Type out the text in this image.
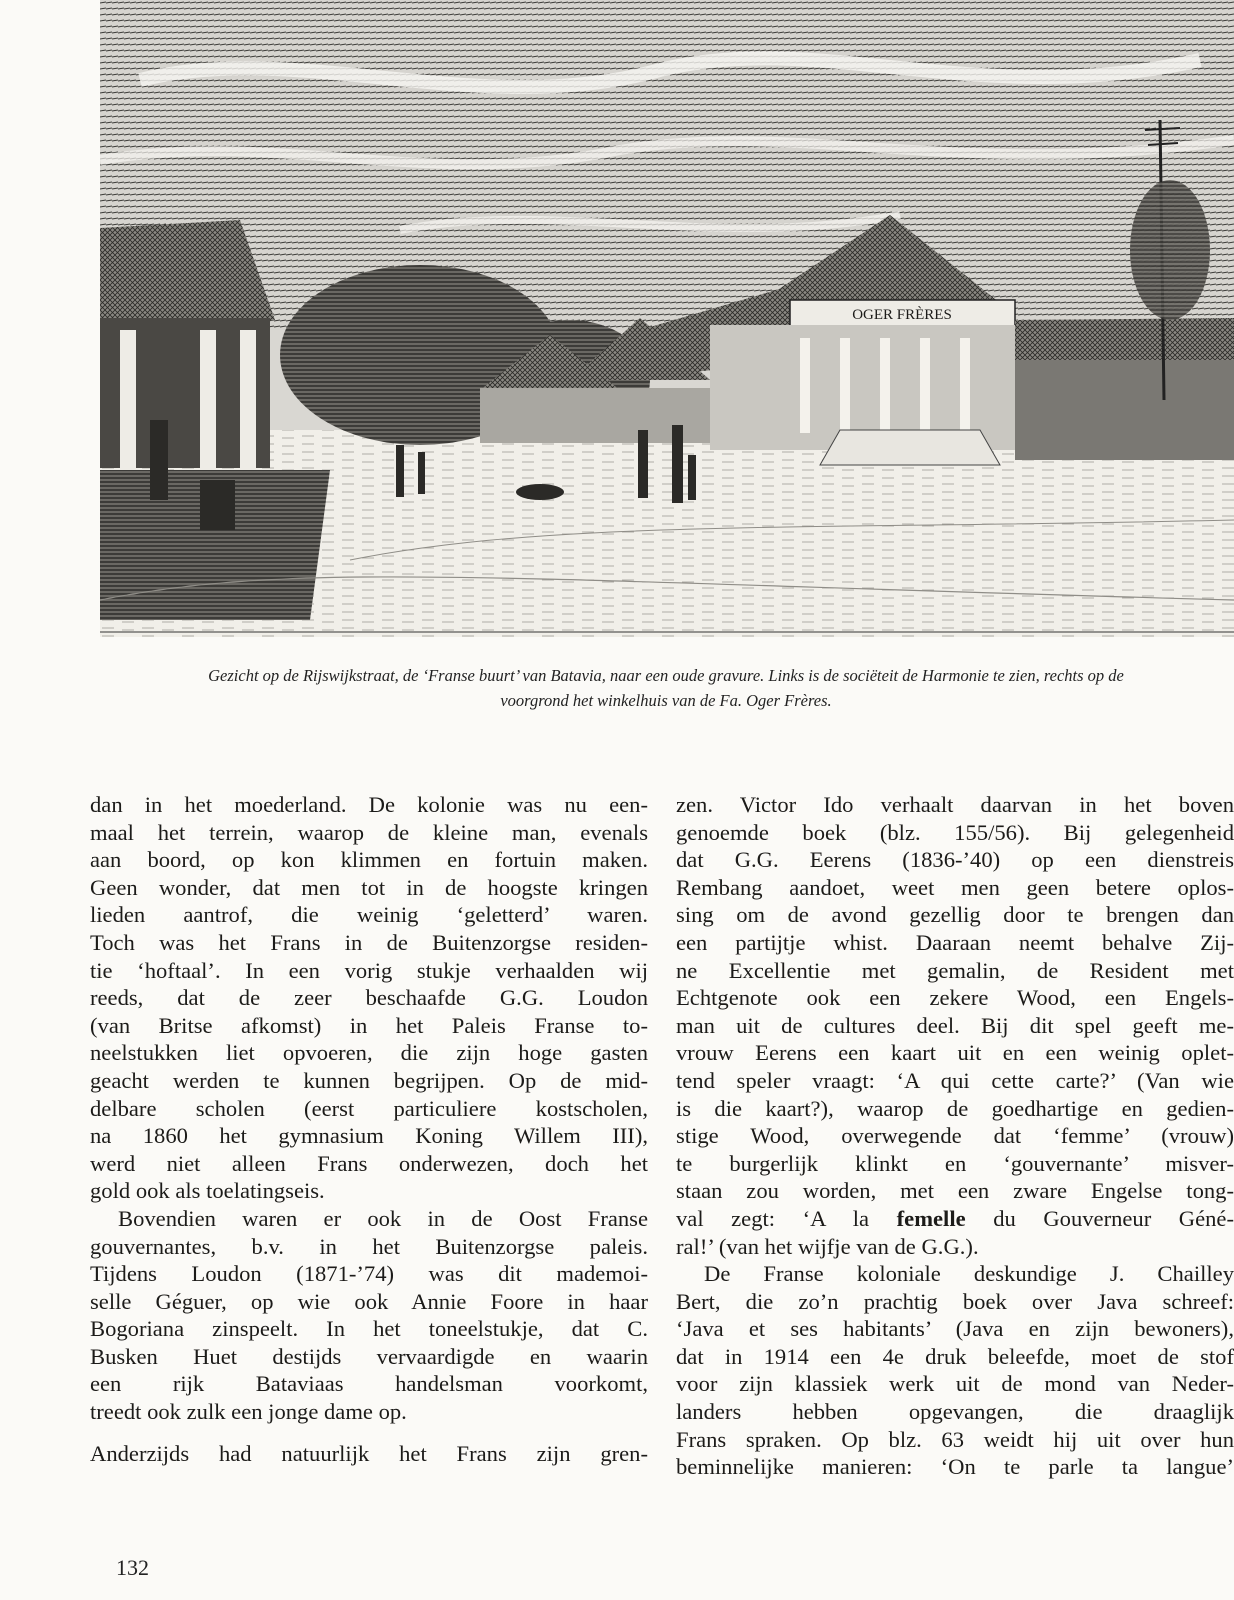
OGER FRÈRES
Gezicht op de Rijswijkstraat, de ‘Franse buurt’ van Batavia, naar een oude gravure. Links is de sociëteit de Harmonie te zien, rechts op de
voorgrond het winkelhuis van de Fa. Oger Frères.
dan in het moederland. De kolonie was nu een-
maal het terrein, waarop de kleine man, evenals
aan boord, op kon klimmen en fortuin maken.
Geen wonder, dat men tot in de hoogste kringen
lieden aantrof, die weinig ‘geletterd’ waren.
Toch was het Frans in de Buitenzorgse residen-
tie ‘hoftaal’. In een vorig stukje verhaalden wij
reeds, dat de zeer beschaafde G.G. Loudon
(van Britse afkomst) in het Paleis Franse to-
neelstukken liet opvoeren, die zijn hoge gasten
geacht werden te kunnen begrijpen. Op de mid-
delbare scholen (eerst particuliere kostscholen,
na 1860 het gymnasium Koning Willem III),
werd niet alleen Frans onderwezen, doch het
gold ook als toelatingseis.
Bovendien waren er ook in de Oost Franse
gouvernantes, b.v. in het Buitenzorgse paleis.
Tijdens Loudon (1871-’74) was dit mademoi-
selle Géguer, op wie ook Annie Foore in haar
Bogoriana zinspeelt. In het toneelstukje, dat C.
Busken Huet destijds vervaardigde en waarin
een rijk Bataviaas handelsman voorkomt,
treedt ook zulk een jonge dame op.
Anderzijds had natuurlijk het Frans zijn gren-
zen. Victor Ido verhaalt daarvan in het boven
genoemde boek (blz. 155/56). Bij gelegenheid
dat G.G. Eerens (1836-’40) op een dienstreis
Rembang aandoet, weet men geen betere oplos-
sing om de avond gezellig door te brengen dan
een partijtje whist. Daaraan neemt behalve Zij-
ne Excellentie met gemalin, de Resident met
Echtgenote ook een zekere Wood, een Engels-
man uit de cultures deel. Bij dit spel geeft me-
vrouw Eerens een kaart uit en een weinig oplet-
tend speler vraagt: ‘A qui cette carte?’ (Van wie
is die kaart?), waarop de goedhartige en gedien-
stige Wood, overwegende dat ‘femme’ (vrouw)
te burgerlijk klinkt en ‘gouvernante’ misver-
staan zou worden, met een zware Engelse tong-
val zegt: ‘A la femelle du Gouverneur Géné-
ral!’ (van het wijfje van de G.G.).
De Franse koloniale deskundige J. Chailley
Bert, die zo’n prachtig boek over Java schreef:
‘Java et ses habitants’ (Java en zijn bewoners),
dat in 1914 een 4e druk beleefde, moet de stof
voor zijn klassiek werk uit de mond van Neder-
landers hebben opgevangen, die draaglijk
Frans spraken. Op blz. 63 weidt hij uit over hun
beminnelijke manieren: ‘On te parle ta langue’
132
